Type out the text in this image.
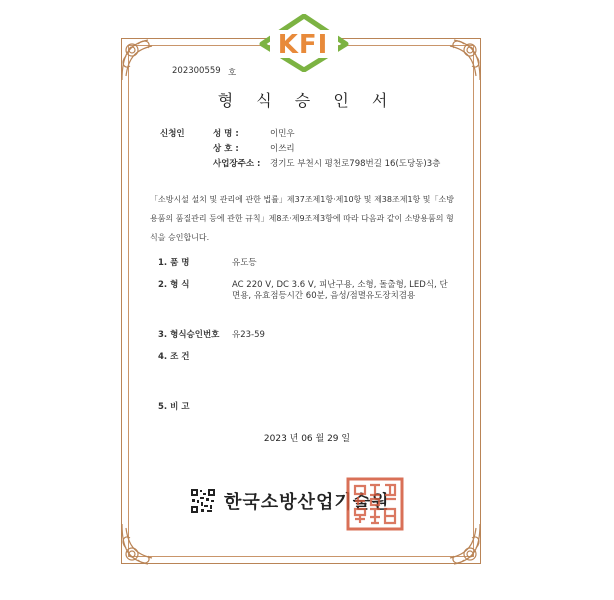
KFI
202300559 호
형 식 승 인 서
신청인	성 명 :	이민우
상 호 :	이쓰리
사업장주소 : 경기도 부천시 평천로798번길 16(도당동)3층
「소방시설 설치 및 관리에 관한 법률」제37조제1항·제10항 및 제38조제1항 및「소방
용품의 품질관리 등에 관한 규칙」제8조·제9조제3항에 따라 다음과 같이 소방용품의 형
식을 승인합니다.
1. 품 명	유도등
2. 형 식	AC 220 V, DC 3.6 V, 피난구용, 소형, 돌출형, LED식, 단
면용, 유효점등시간 60분, 음성/점멸유도장치겸용
3. 형식승인번호 유23-59
4. 조 건
5. 비 고
2023 년 06 월 29 일
한국소방산업기술원
